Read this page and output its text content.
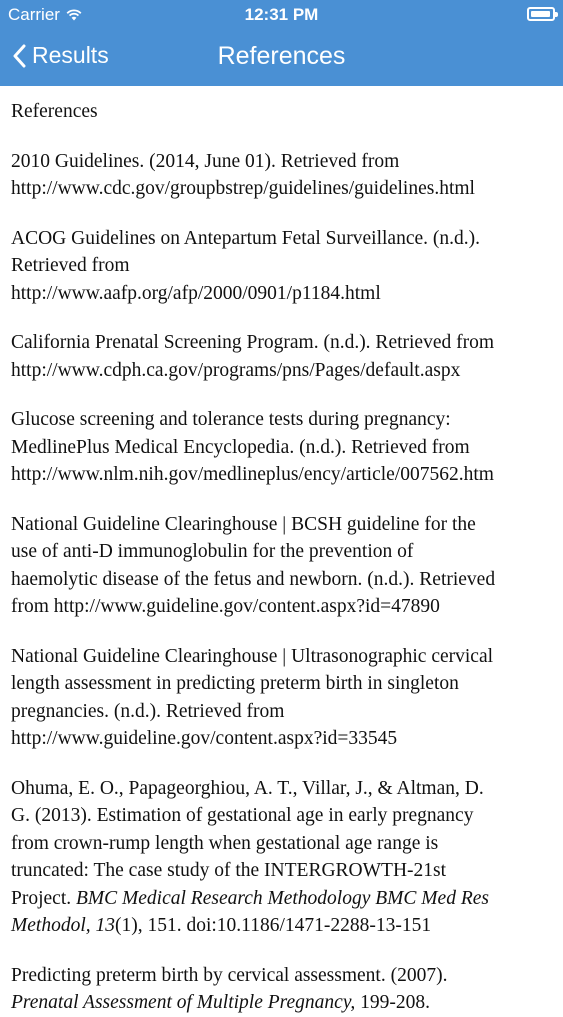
Carrier	12:31 PM
Results	References
References
2010 Guidelines. (2014, June 01). Retrieved from
http://www.cdc.gov/groupbstrep/guidelines/guidelines.html
ACOG Guidelines on Antepartum Fetal Surveillance. (n.d.).
Retrieved from
http://www.aafp.org/afp/2000/0901/p1184.html
California Prenatal Screening Program. (n.d.). Retrieved from
http://www.cdph.ca.gov/programs/pns/Pages/default.aspx
Glucose screening and tolerance tests during pregnancy:
MedlinePlus Medical Encyclopedia. (n.d.). Retrieved from
http://www.nlm.nih.gov/medlineplus/ency/article/007562.htm
National Guideline Clearinghouse | BCSH guideline for the
use of anti-D immunoglobulin for the prevention of
haemolytic disease of the fetus and newborn. (n.d.). Retrieved
from http://www.guideline.gov/content.aspx?id=47890
National Guideline Clearinghouse | Ultrasonographic cervical
length assessment in predicting preterm birth in singleton
pregnancies. (n.d.). Retrieved from
http://www.guideline.gov/content.aspx?id=33545
Ohuma, E. O., Papageorghiou, A. T., Villar, J., & Altman, D.
G. (2013). Estimation of gestational age in early pregnancy
from crown-rump length when gestational age range is
truncated: The case study of the INTERGROWTH-21st
Project. BMC Medical Research Methodology BMC Med Res
Methodol, 13(1), 151. doi:10.1186/1471-2288-13-151
Predicting preterm birth by cervical assessment. (2007).
Prenatal Assessment of Multiple Pregnancy, 199-208.
